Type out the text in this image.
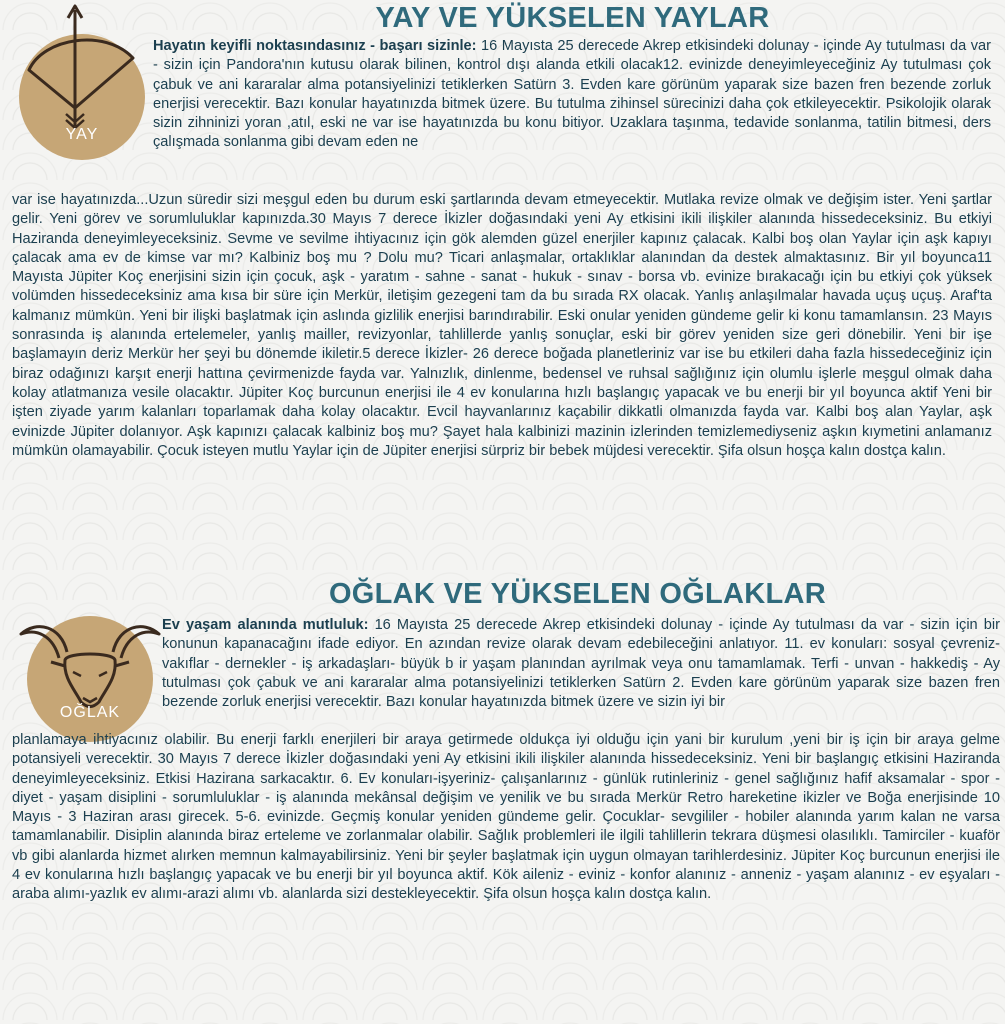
YAY VE YÜKSELEN YAYLAR
YAY

Hayatın keyifli noktasındasınız - başarı sizinle: 16 Mayısta 25 derecede Akrep etkisindeki dolunay - içinde Ay tutulması da var - sizin için Pandora'nın kutusu olarak bilinen, kontrol dışı alanda etkili olacak12. evinizde deneyimleyeceğiniz Ay tutulması çok çabuk ve ani kararalar alma potansiyelinizi tetiklerken Satürn 3. Evden kare görünüm yaparak size bazen fren bezende zorluk enerjisi verecektir. Bazı konular hayatınızda bitmek üzere. Bu tutulma zihinsel sürecinizi daha çok etkileyecektir. Psikolojik olarak sizin zihninizi yoran ,atıl, eski ne var ise hayatınızda bu konu bitiyor. Uzaklara taşınma, tedavide sonlanma, tatilin bitmesi, ders çalışmada sonlanma gibi devam eden ne

var ise hayatınızda...Uzun süredir sizi meşgul eden bu durum eski şartlarında devam etmeyecektir. Mutlaka revize olmak ve değişim ister. Yeni şartlar gelir. Yeni görev ve sorumluluklar kapınızda.30 Mayıs 7 derece İkizler doğasındaki yeni Ay etkisini ikili ilişkiler alanında hissedeceksiniz. Bu etkiyi Haziranda deneyimleyeceksiniz. Sevme ve sevilme ihtiyacınız için gök alemden güzel enerjiler kapınız çalacak. Kalbi boş olan Yaylar için aşk kapıyı çalacak ama ev de kimse var mı? Kalbiniz boş mu ? Dolu mu? Ticari anlaşmalar, ortaklıklar alanından da destek almaktasınız. Bir yıl boyunca11 Mayısta Jüpiter Koç enerjisini sizin için çocuk, aşk - yaratım - sahne - sanat - hukuk - sınav - borsa vb. evinize bırakacağı için bu etkiyi çok yüksek volümden hissedeceksiniz ama kısa bir süre için Merkür, iletişim gezegeni tam da bu sırada RX olacak. Yanlış anlaşılmalar havada uçuş uçuş. Araf'ta kalmanız mümkün. Yeni bir ilişki başlatmak için aslında gizlilik enerjisi barındırabilir. Eski onular yeniden gündeme gelir ki konu tamamlansın. 23 Mayıs sonrasında iş alanında ertelemeler, yanlış mailler, revizyonlar, tahlillerde yanlış sonuçlar, eski bir görev yeniden size geri dönebilir. Yeni bir işe başlamayın deriz Merkür her şeyi bu dönemde ikiletir.5 derece İkizler- 26 derece boğada planetleriniz var ise bu etkileri daha fazla hissedeceğiniz için biraz odağınızı karşıt enerji hattına çevirmenizde fayda var. Yalnızlık, dinlenme, bedensel ve ruhsal sağlığınız için olumlu işlerle meşgul olmak daha kolay atlatmanıza vesile olacaktır. Jüpiter Koç burcunun enerjisi ile 4 ev konularına hızlı başlangıç yapacak ve bu enerji bir yıl boyunca aktif Yeni bir işten ziyade yarım kalanları toparlamak daha kolay olacaktır. Evcil hayvanlarınız kaçabilir dikkatli olmanızda fayda var. Kalbi boş alan Yaylar, aşk evinizde Jüpiter dolanıyor. Aşk kapınızı çalacak kalbiniz boş mu? Şayet hala kalbinizi mazinin izlerinden temizlemediyseniz aşkın kıymetini anlamanız mümkün olamayabilir. Çocuk isteyen mutlu Yaylar için de Jüpiter enerjisi sürpriz bir bebek müjdesi verecektir. Şifa olsun hoşça kalın dostça kalın.

OĞLAK VE YÜKSELEN OĞLAKLAR
OĞLAK

Ev yaşam alanında mutluluk: 16 Mayısta 25 derecede Akrep etkisindeki dolunay - içinde Ay tutulması da var - sizin için bir konunun kapanacağını ifade ediyor. En azından revize olarak devam edebileceğini anlatıyor. 11. ev konuları: sosyal çevreniz-vakıflar - dernekler - iş arkadaşları- büyük b ir yaşam planından ayrılmak veya onu tamamlamak. Terfi - unvan - hakkediş - Ay tutulması çok çabuk ve ani kararalar alma potansiyelinizi tetiklerken Satürn 2. Evden kare görünüm yaparak size bazen fren bezende zorluk enerjisi verecektir. Bazı konular hayatınızda bitmek üzere ve sizin iyi bir

planlamaya ihtiyacınız olabilir. Bu enerji farklı enerjileri bir araya getirmede oldukça iyi olduğu için yani bir kurulum ,yeni bir iş için bir araya gelme potansiyeli verecektir. 30 Mayıs 7 derece İkizler doğasındaki yeni Ay etkisini ikili ilişkiler alanında hissedeceksiniz. Yeni bir başlangıç etkisini Haziranda deneyimleyeceksiniz. Etkisi Hazirana sarkacaktır. 6. Ev konuları-işyeriniz- çalışanlarınız - günlük rutinleriniz - genel sağlığınız hafif aksamalar - spor - diyet - yaşam disiplini - sorumluluklar - iş alanında mekânsal değişim ve yenilik ve bu sırada Merkür Retro hareketine ikizler ve Boğa enerjisinde 10 Mayıs - 3 Haziran arası girecek. 5-6. evinizde. Geçmiş konular yeniden gündeme gelir. Çocuklar- sevgililer - hobiler alanında yarım kalan ne varsa tamamlanabilir. Disiplin alanında biraz erteleme ve zorlanmalar olabilir. Sağlık problemleri ile ilgili tahlillerin tekrara düşmesi olasılıklı. Tamirciler - kuaför vb gibi alanlarda hizmet alırken memnun kalmayabilirsiniz. Yeni bir şeyler başlatmak için uygun olmayan tarihlerdesiniz. Jüpiter Koç burcunun enerjisi ile 4 ev konularına hızlı başlangıç yapacak ve bu enerji bir yıl boyunca aktif. Kök aileniz - eviniz - konfor alanınız - anneniz - yaşam alanınız - ev eşyaları - araba alımı-yazlık ev alımı-arazi alımı vb. alanlarda sizi destekleyecektir. Şifa olsun hoşça kalın dostça kalın.
